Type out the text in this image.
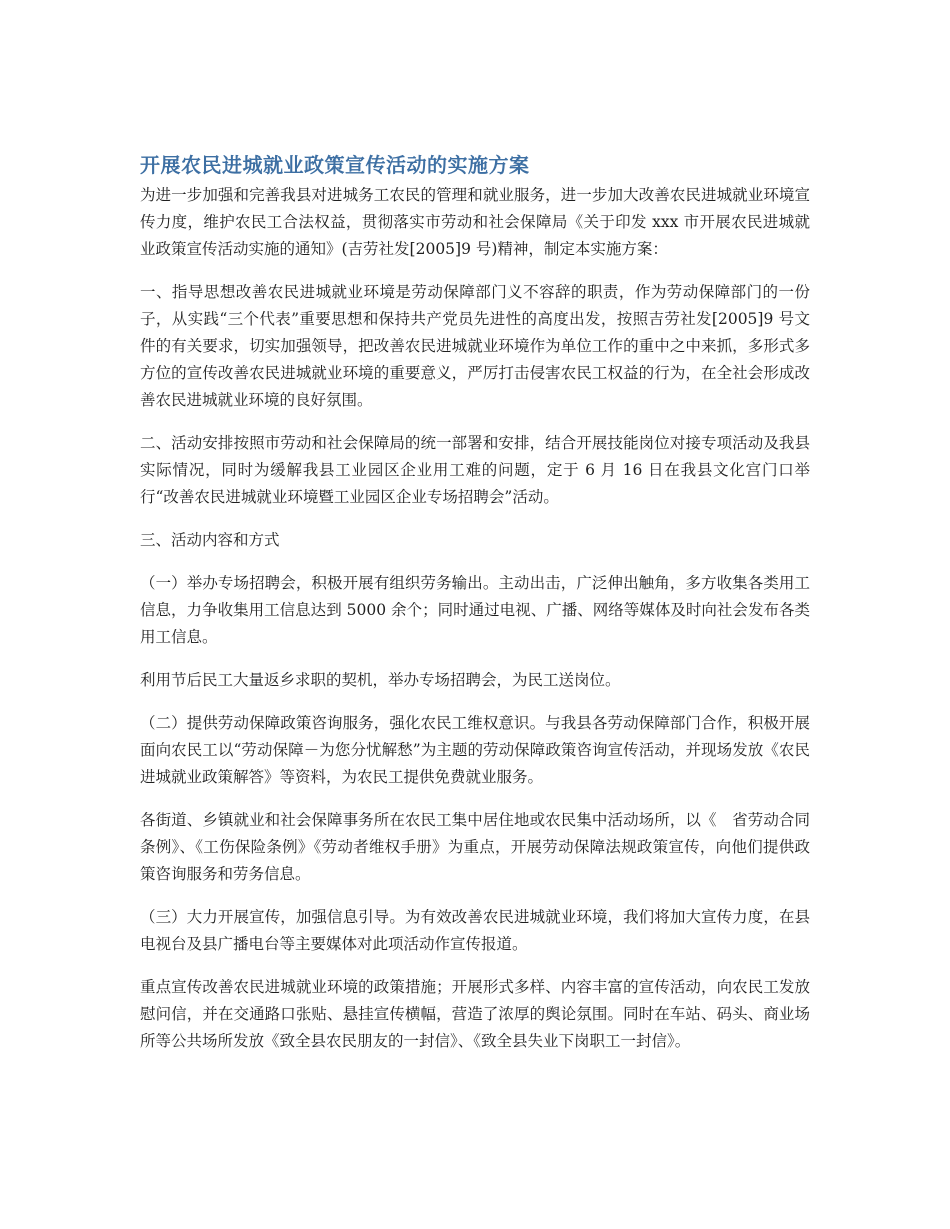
开展农民进城就业政策宣传活动的实施方案

为进一步加强和完善我县对进城务工农民的管理和就业服务，进一步加大改善农民进城就业环境宣传力度，维护农民工合法权益，贯彻落实市劳动和社会保障局《关于印发 xxx 市开展农民进城就业政策宣传活动实施的通知》(吉劳社发[2005]9 号)精神，制定本实施方案：

一、指导思想改善农民进城就业环境是劳动保障部门义不容辞的职责，作为劳动保障部门的一份子，从实践“三个代表”重要思想和保持共产党员先进性的高度出发，按照吉劳社发[2005]9 号文件的有关要求，切实加强领导，把改善农民进城就业环境作为单位工作的重中之中来抓，多形式多方位的宣传改善农民进城就业环境的重要意义，严厉打击侵害农民工权益的行为，在全社会形成改善农民进城就业环境的良好氛围。

二、活动安排按照市劳动和社会保障局的统一部署和安排，结合开展技能岗位对接专项活动及我县实际情况，同时为缓解我县工业园区企业用工难的问题，定于 6 月 16 日在我县文化宫门口举行“改善农民进城就业环境暨工业园区企业专场招聘会”活动。

三、活动内容和方式

（一）举办专场招聘会，积极开展有组织劳务输出。主动出击，广泛伸出触角，多方收集各类用工信息，力争收集用工信息达到 5000 余个；同时通过电视、广播、网络等媒体及时向社会发布各类用工信息。

利用节后民工大量返乡求职的契机，举办专场招聘会，为民工送岗位。

（二）提供劳动保障政策咨询服务，强化农民工维权意识。与我县各劳动保障部门合作，积极开展面向农民工以“劳动保障－为您分忧解愁”为主题的劳动保障政策咨询宣传活动，并现场发放《农民进城就业政策解答》等资料，为农民工提供免费就业服务。

各街道、乡镇就业和社会保障事务所在农民工集中居住地或农民集中活动场所，以《　省劳动合同条例》、《工伤保险条例》《劳动者维权手册》为重点，开展劳动保障法规政策宣传，向他们提供政策咨询服务和劳务信息。

（三）大力开展宣传，加强信息引导。为有效改善农民进城就业环境，我们将加大宣传力度，在县电视台及县广播电台等主要媒体对此项活动作宣传报道。

重点宣传改善农民进城就业环境的政策措施；开展形式多样、内容丰富的宣传活动，向农民工发放慰问信，并在交通路口张贴、悬挂宣传横幅，营造了浓厚的舆论氛围。同时在车站、码头、商业场所等公共场所发放《致全县农民朋友的一封信》、《致全县失业下岗职工一封信》。
